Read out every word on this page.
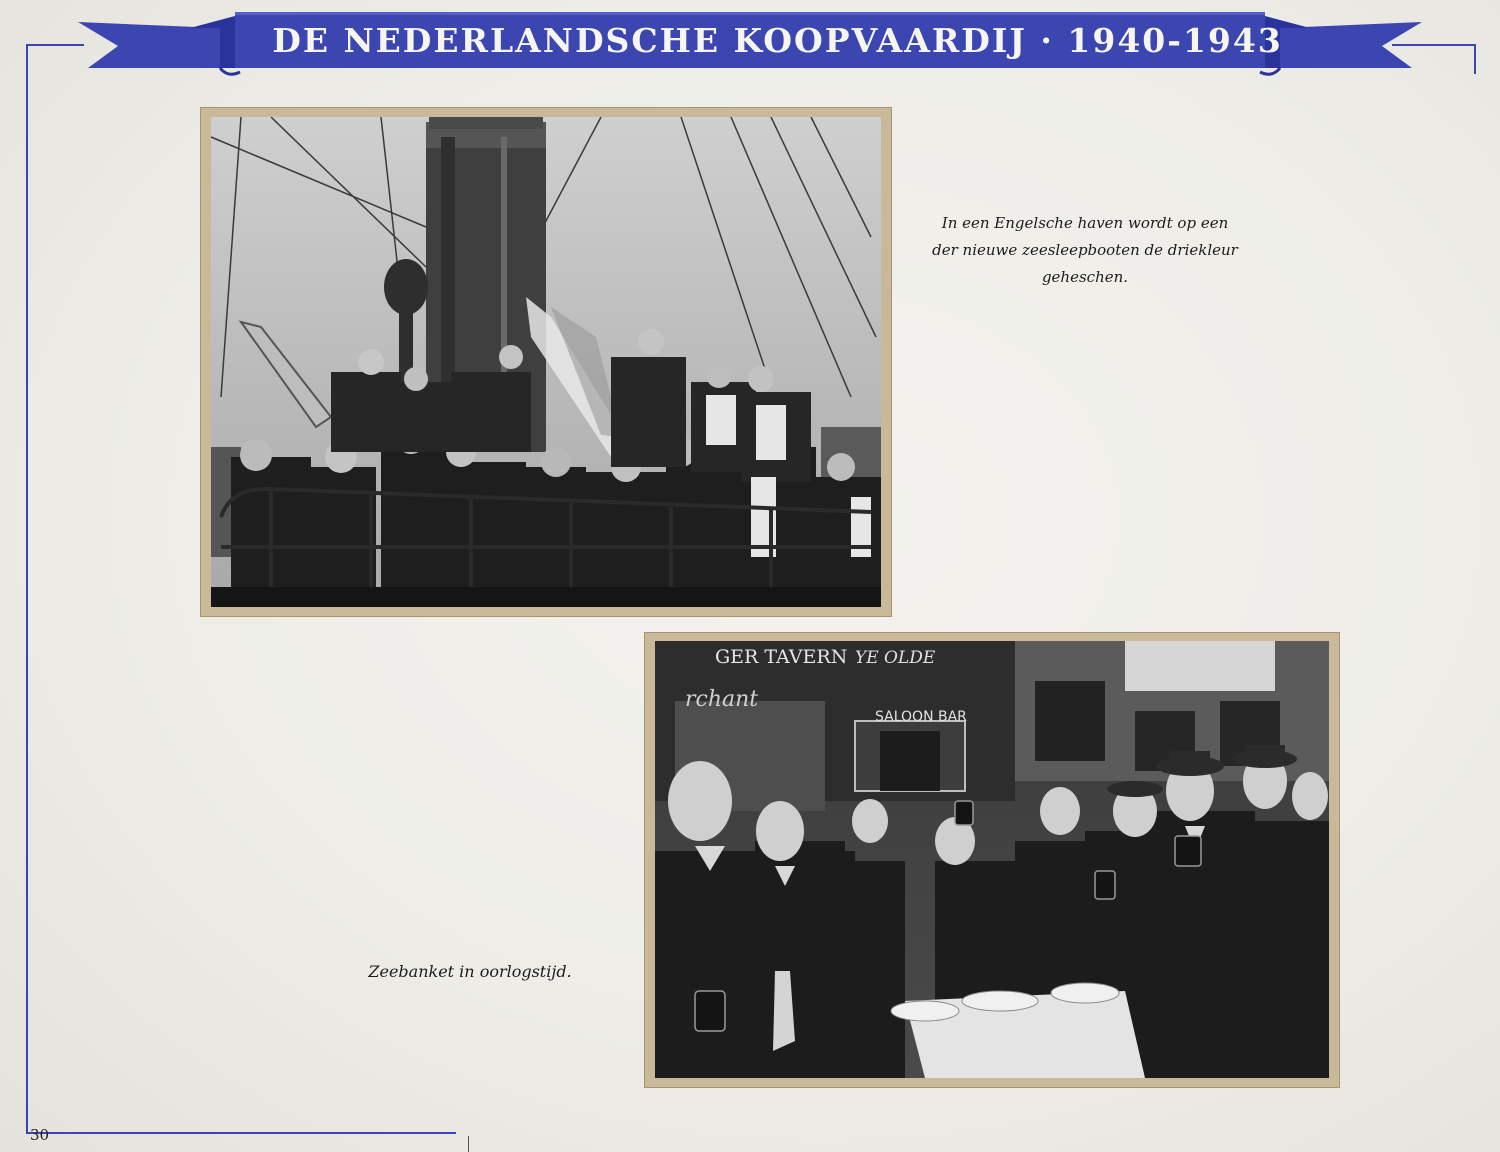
DE NEDERLANDSCHE KOOPVAARDIJ · 1940-1943
In een Engelsche haven wordt op een
der nieuwe zeesleepbooten de driekleur
geheschen.
YE OLDE
GER TAVERN
rchant
SALOON BAR
Zeebanket in oorlogstijd.
30
